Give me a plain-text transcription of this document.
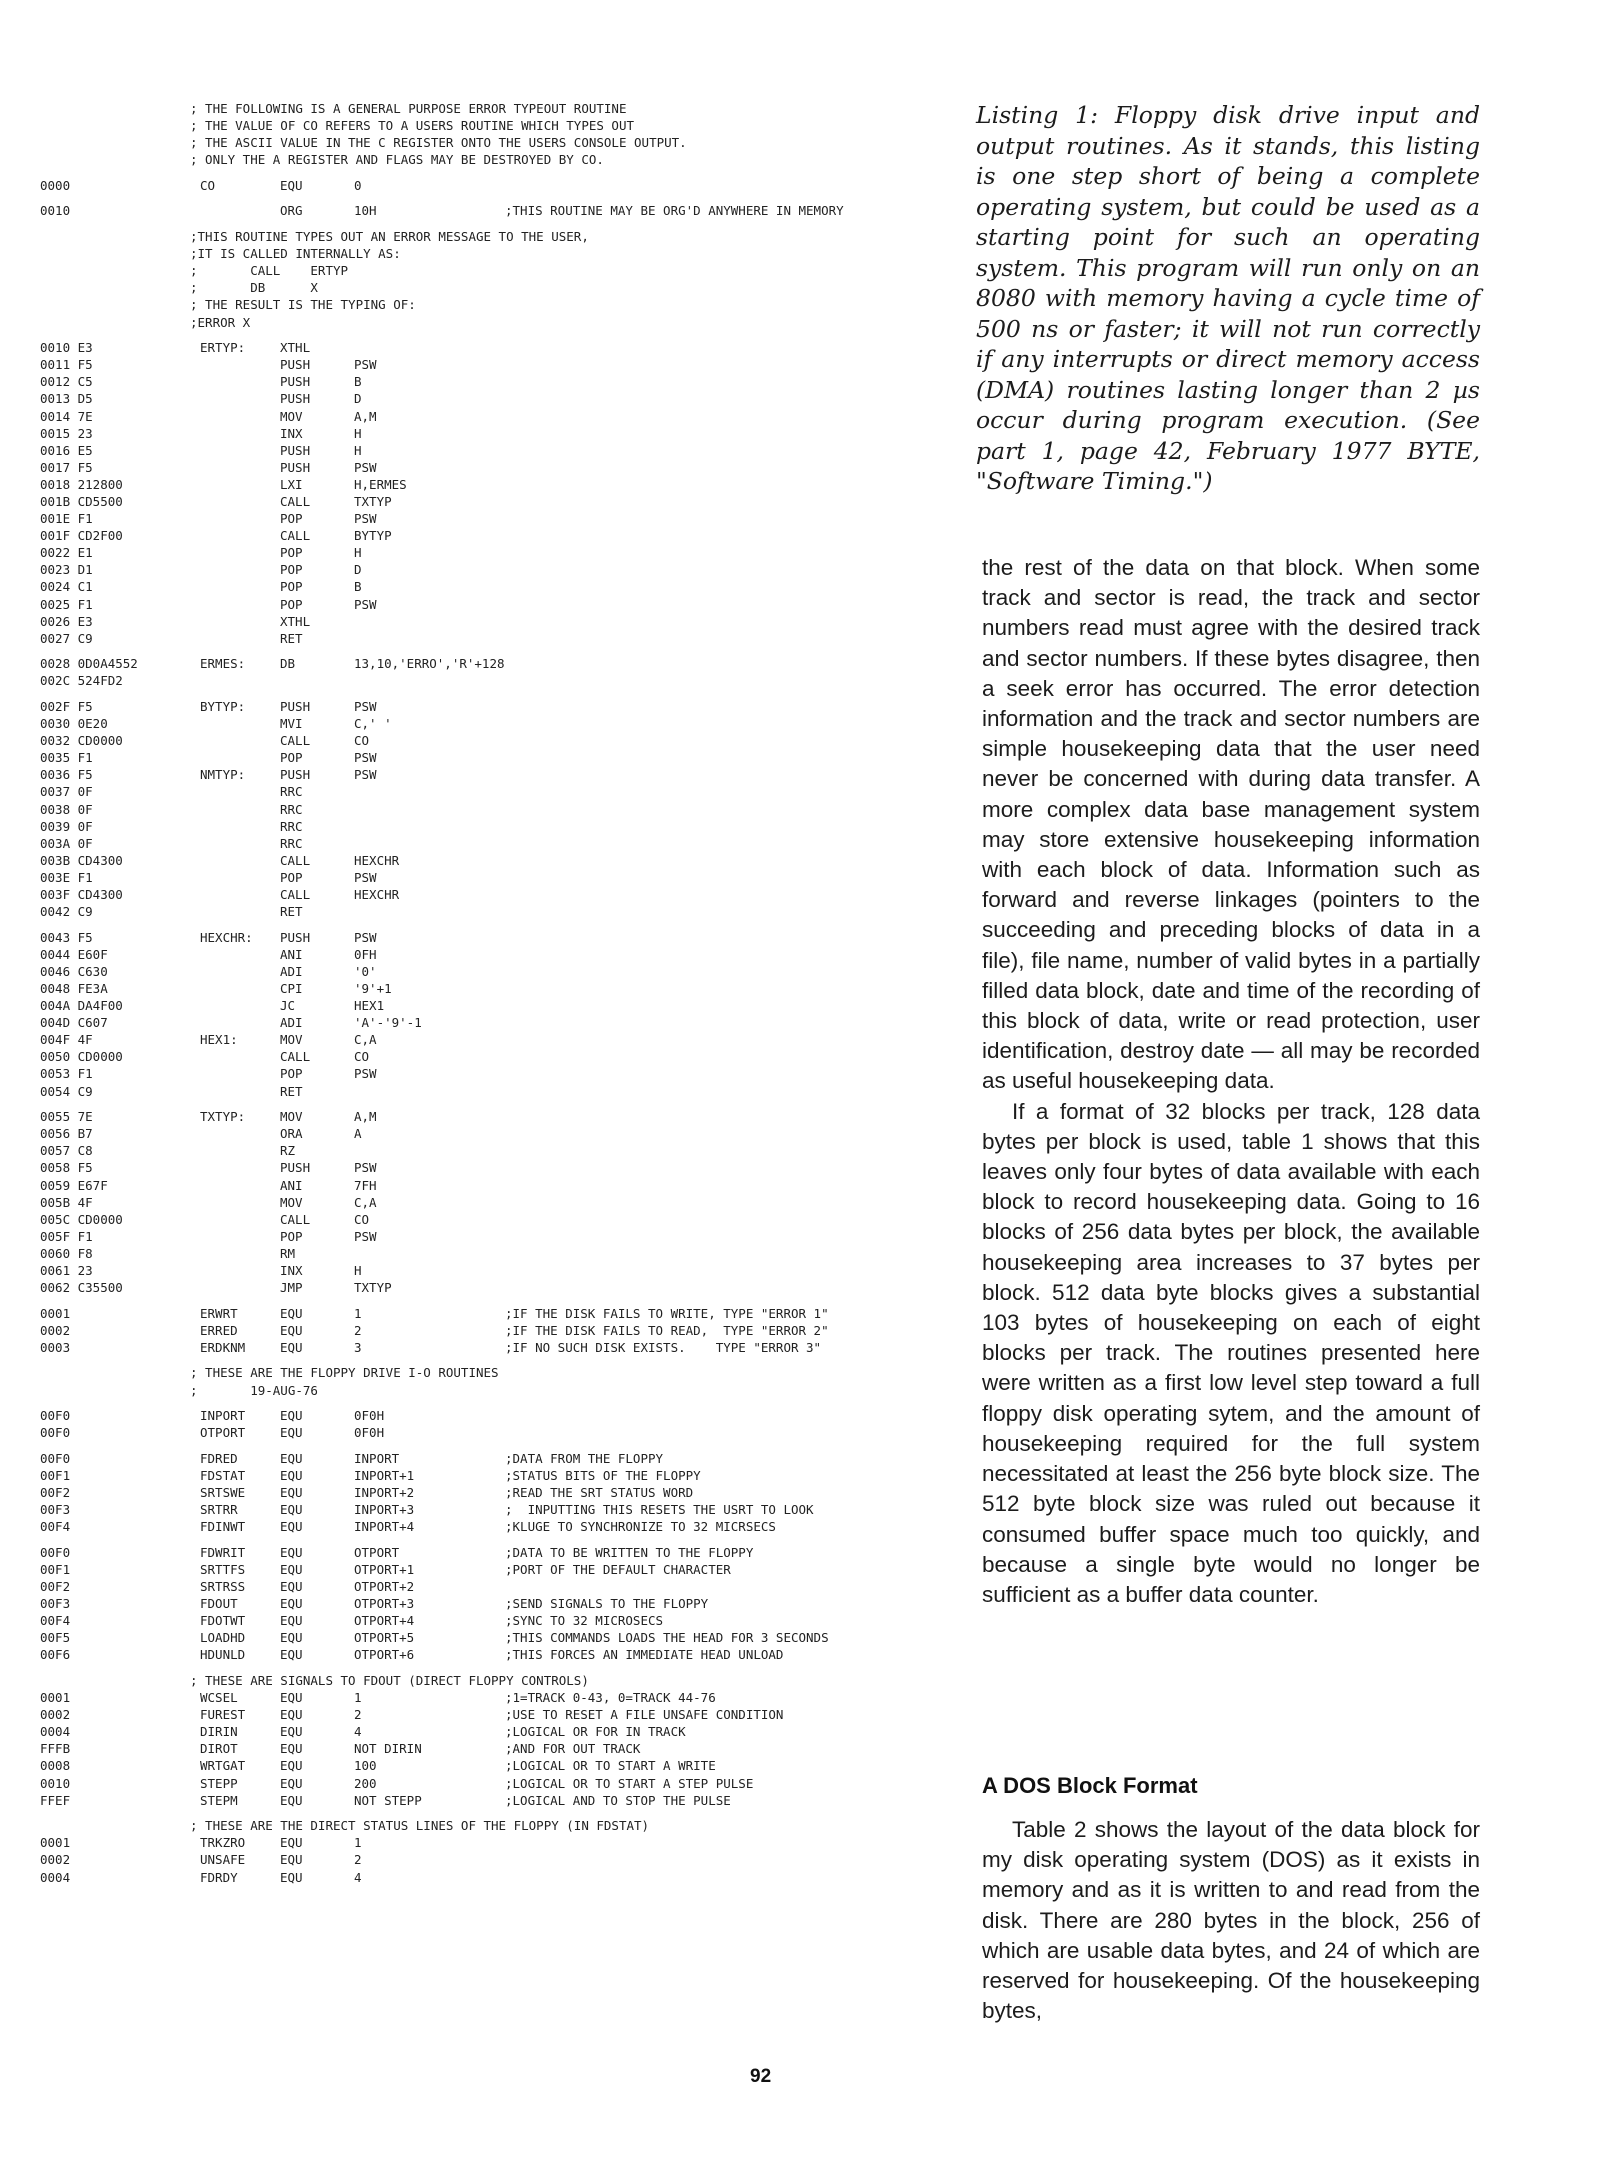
; THE FOLLOWING IS A GENERAL PURPOSE ERROR TYPEOUT ROUTINE
; THE VALUE OF CO REFERS TO A USERS ROUTINE WHICH TYPES OUT
; THE ASCII VALUE IN THE C REGISTER ONTO THE USERS CONSOLE OUTPUT.
; ONLY THE A REGISTER AND FLAGS MAY BE DESTROYED BY CO.
0000	CO	EQU	0
0010	ORG	10H	;THIS ROUTINE MAY BE ORG'D ANYWHERE IN MEMORY
;THIS ROUTINE TYPES OUT AN ERROR MESSAGE TO THE USER,
;IT IS CALLED INTERNALLY AS:
;       CALL    ERTYP
;       DB      X
; THE RESULT IS THE TYPING OF:
;ERROR X
0010 E3	ERTYP:	XTHL
0011 F5	PUSH	PSW
0012 C5	PUSH	B
0013 D5	PUSH	D
0014 7E	MOV	A,M
0015 23	INX	H
0016 E5	PUSH	H
0017 F5	PUSH	PSW
0018 212800	LXI	H,ERMES
001B CD5500	CALL	TXTYP
001E F1	POP	PSW
001F CD2F00	CALL	BYTYP
0022 E1	POP	H
0023 D1	POP	D
0024 C1	POP	B
0025 F1	POP	PSW
0026 E3	XTHL
0027 C9	RET
0028 0D0A4552	ERMES:	DB	13,10,'ERRO','R'+128
002C 524FD2
002F F5	BYTYP:	PUSH	PSW
0030 0E20	MVI	C,' '
0032 CD0000	CALL	CO
0035 F1	POP	PSW
0036 F5	NMTYP:	PUSH	PSW
0037 0F	RRC
0038 0F	RRC
0039 0F	RRC
003A 0F	RRC
003B CD4300	CALL	HEXCHR
003E F1	POP	PSW
003F CD4300	CALL	HEXCHR
0042 C9	RET
0043 F5	HEXCHR: PUSH	PSW
0044 E60F	ANI	0FH
0046 C630	ADI	'0'
0048 FE3A	CPI	'9'+1
004A DA4F00	JC	HEX1
004D C607	ADI	'A'-'9'-1
004F 4F	HEX1:	MOV	C,A
0050 CD0000	CALL	CO
0053 F1	POP	PSW
0054 C9	RET
0055 7E	TXTYP:	MOV	A,M
0056 B7	ORA	A
0057 C8	RZ
0058 F5	PUSH	PSW
0059 E67F	ANI	7FH
005B 4F	MOV	C,A
005C CD0000	CALL	CO
005F F1	POP	PSW
0060 F8	RM
0061 23	INX	H
0062 C35500	JMP	TXTYP
0001	ERWRT	EQU	1	;IF THE DISK FAILS TO WRITE, TYPE "ERROR 1"
0002	ERRED	EQU	2	;IF THE DISK FAILS TO READ,  TYPE "ERROR 2"
0003	ERDKNM	EQU	3	;IF NO SUCH DISK EXISTS.    TYPE "ERROR 3"
; THESE ARE THE FLOPPY DRIVE I-O ROUTINES
;       19-AUG-76
00F0	INPORT	EQU	0F0H
00F0	OTPORT	EQU	0F0H
00F0	FDRED	EQU	INPORT	;DATA FROM THE FLOPPY
00F1	FDSTAT	EQU	INPORT+1	;STATUS BITS OF THE FLOPPY
00F2	SRTSWE	EQU	INPORT+2	;READ THE SRT STATUS WORD
00F3	SRTRR	EQU	INPORT+3	;  INPUTTING THIS RESETS THE USRT TO LOOK
00F4	FDINWT	EQU	INPORT+4	;KLUGE TO SYNCHRONIZE TO 32 MICRSECS
00F0	FDWRIT	EQU	OTPORT	;DATA TO BE WRITTEN TO THE FLOPPY
00F1	SRTTFS	EQU	OTPORT+1	;PORT OF THE DEFAULT CHARACTER
00F2	SRTRSS	EQU	OTPORT+2
00F3	FDOUT	EQU	OTPORT+3	;SEND SIGNALS TO THE FLOPPY
00F4	FDOTWT	EQU	OTPORT+4	;SYNC TO 32 MICROSECS
00F5	LOADHD	EQU	OTPORT+5	;THIS COMMANDS LOADS THE HEAD FOR 3 SECONDS
00F6	HDUNLD	EQU	OTPORT+6	;THIS FORCES AN IMMEDIATE HEAD UNLOAD
; THESE ARE SIGNALS TO FDOUT (DIRECT FLOPPY CONTROLS)
0001	WCSEL	EQU	1	;1=TRACK 0-43, 0=TRACK 44-76
0002	FUREST	EQU	2	;USE TO RESET A FILE UNSAFE CONDITION
0004	DIRIN	EQU	4	;LOGICAL OR FOR IN TRACK
FFFB	DIROT	EQU	NOT DIRIN	;AND FOR OUT TRACK
0008	WRTGAT	EQU	100	;LOGICAL OR TO START A WRITE
0010	STEPP	EQU	200	;LOGICAL OR TO START A STEP PULSE
FFEF	STEPM	EQU	NOT STEPP	;LOGICAL AND TO STOP THE PULSE
; THESE ARE THE DIRECT STATUS LINES OF THE FLOPPY (IN FDSTAT)
0001	TRKZRO	EQU	1
0002	UNSAFE	EQU	2
0004	FDRDY	EQU	4
Listing 1: Floppy disk drive input and output routines. As it stands, this listing is one step short of being a complete operating system, but could be used as a starting point for such an operating system. This program will run only on an 8080 with memory having a cycle time of 500 ns or faster; it will not run correctly if any interrupts or direct memory access (DMA) routines lasting longer than 2 µs occur during program execution. (See part 1, page 42, February 1977 BYTE, "Software Timing.")

the rest of the data on that block. When some track and sector is read, the track and sector numbers read must agree with the desired track and sector numbers. If these bytes disagree, then a seek error has occurred. The error detection information and the track and sector numbers are simple housekeeping data that the user need never be concerned with during data transfer. A more complex data base management system may store extensive housekeeping information with each block of data. Information such as forward and reverse linkages (pointers to the succeeding and preceding blocks of data in a file), file name, number of valid bytes in a partially filled data block, date and time of the recording of this block of data, write or read protection, user identification, destroy date — all may be recorded as useful housekeeping data.

If a format of 32 blocks per track, 128 data bytes per block is used, table 1 shows that this leaves only four bytes of data available with each block to record housekeeping data. Going to 16 blocks of 256 data bytes per block, the available housekeeping area increases to 37 bytes per block. 512 data byte blocks gives a substantial 103 bytes of housekeeping on each of eight blocks per track. The routines presented here were written as a first low level step toward a full floppy disk operating sytem, and the amount of housekeeping required for the full system necessitated at least the 256 byte block size. The 512 byte block size was ruled out because it consumed buffer space much too quickly, and because a single byte would no longer be sufficient as a buffer data counter.

A DOS Block Format

Table 2 shows the layout of the data block for my disk operating system (DOS) as it exists in memory and as it is written to and read from the disk. There are 280 bytes in the block, 256 of which are usable data bytes, and 24 of which are reserved for housekeeping. Of the housekeeping bytes,

92
